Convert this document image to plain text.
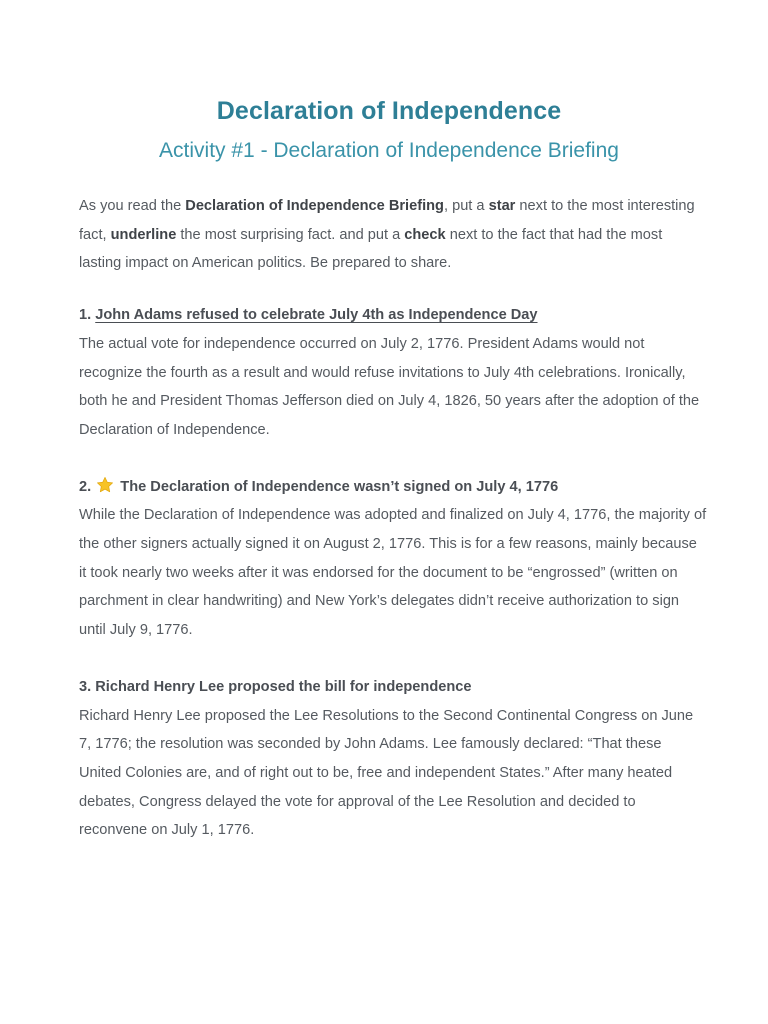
Declaration of Independence
Activity #1 - Declaration of Independence Briefing

As you read the Declaration of Independence Briefing, put a star next to the most interesting fact, underline the most surprising fact. and put a check next to the fact that had the most lasting impact on American politics. Be prepared to share.

1. John Adams refused to celebrate July 4th as Independence Day

The actual vote for independence occurred on July 2, 1776. President Adams would not recognize the fourth as a result and would refuse invitations to July 4th celebrations. Ironically, both he and President Thomas Jefferson died on July 4, 1826, 50 years after the adoption of the Declaration of Independence.

2. The Declaration of Independence wasn’t signed on July 4, 1776

While the Declaration of Independence was adopted and finalized on July 4, 1776, the majority of the other signers actually signed it on August 2, 1776. This is for a few reasons, mainly because it took nearly two weeks after it was endorsed for the document to be “engrossed” (written on parchment in clear handwriting) and New York’s delegates didn’t receive authorization to sign until July 9, 1776.

3. Richard Henry Lee proposed the bill for independence

Richard Henry Lee proposed the Lee Resolutions to the Second Continental Congress on June 7, 1776; the resolution was seconded by John Adams. Lee famously declared: “That these United Colonies are, and of right out to be, free and independent States.” After many heated debates, Congress delayed the vote for approval of the Lee Resolution and decided to reconvene on July 1, 1776.
